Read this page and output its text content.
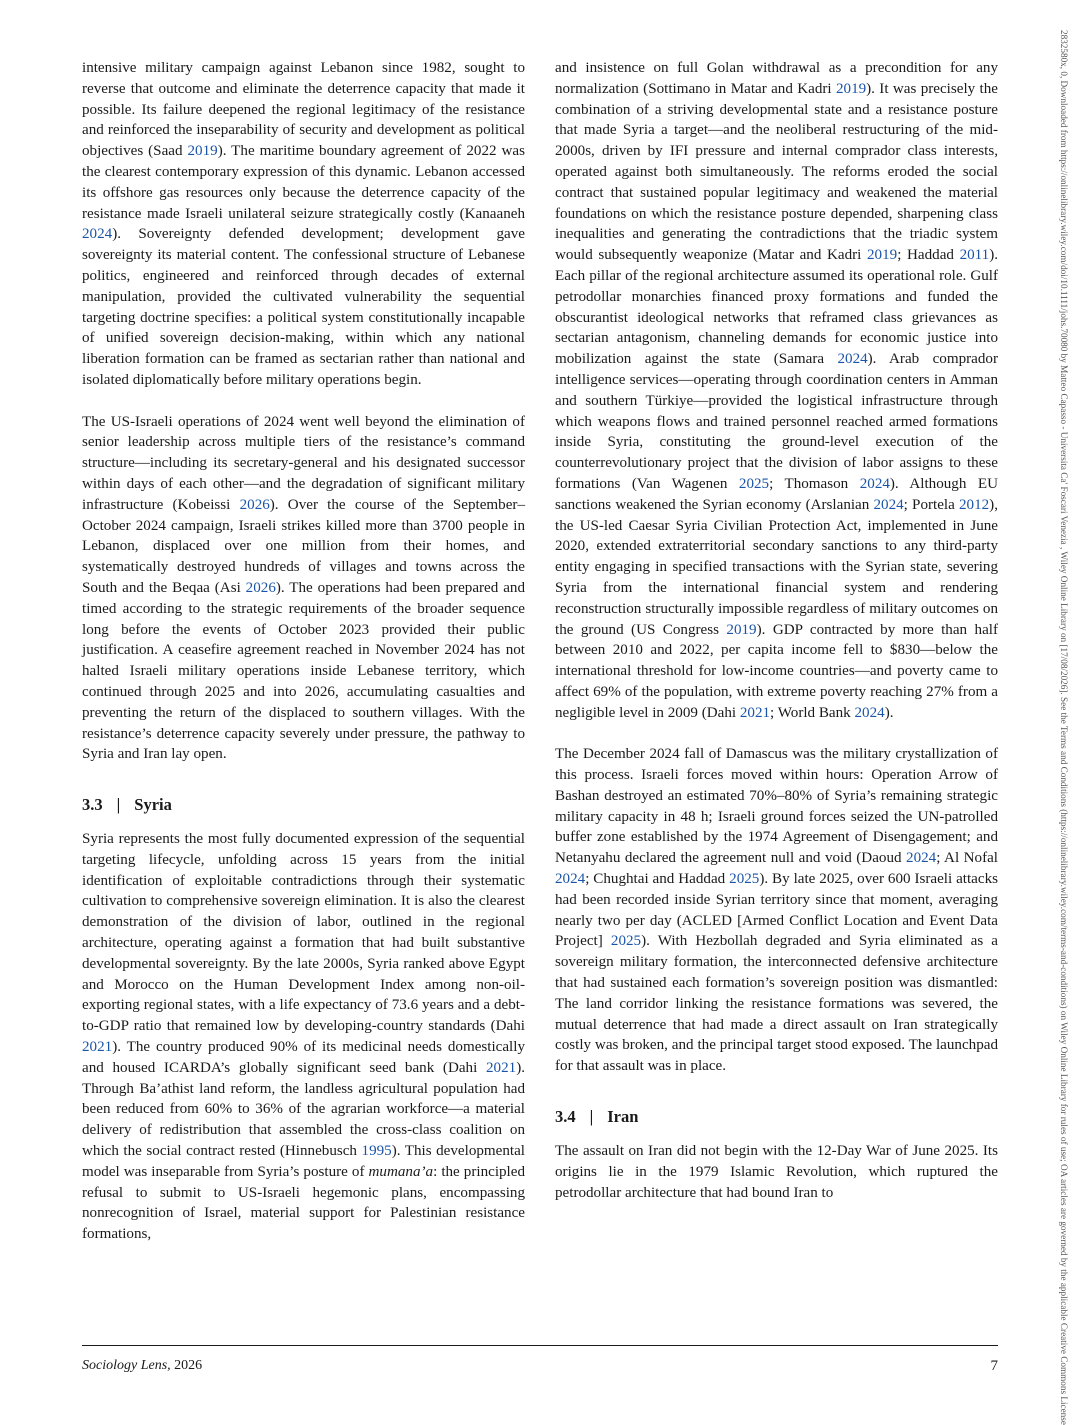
2832580x, 0, Downloaded from https://onlinelibrary.wiley.com/doi/10.1111/johs.70080 by Matteo Capasso - Universita Ca' Foscari Venezia , Wiley Online Library on [17/08/2026]. See the Terms and Conditions (https://onlinelibrary.wiley.com/terms-and-conditions) on Wiley Online Library for rules of use; OA articles are governed by the applicable Creative Commons License

intensive military campaign against Lebanon since 1982, sought to reverse that outcome and eliminate the deterrence capacity that made it possible. Its failure deepened the regional legitimacy of the resistance and reinforced the inseparability of security and development as political objectives (Saad 2019). The maritime boundary agreement of 2022 was the clearest contemporary expression of this dynamic. Lebanon accessed its offshore gas resources only because the deterrence capacity of the resistance made Israeli unilateral seizure strategically costly (Kanaaneh 2024). Sovereignty defended development; development gave sovereignty its material content. The confessional structure of Lebanese politics, engineered and reinforced through decades of external manipulation, provided the cultivated vulnerability the sequential targeting doctrine specifies: a political system constitutionally incapable of unified sovereign decision-making, within which any national liberation formation can be framed as sectarian rather than national and isolated diplomatically before military operations begin.

The US-Israeli operations of 2024 went well beyond the elimination of senior leadership across multiple tiers of the resistance’s command structure—including its secretary-general and his designated successor within days of each other—and the degradation of significant military infrastructure (Kobeissi 2026). Over the course of the September–October 2024 campaign, Israeli strikes killed more than 3700 people in Lebanon, displaced over one million from their homes, and systematically destroyed hundreds of villages and towns across the South and the Beqaa (Asi 2026). The operations had been prepared and timed according to the strategic requirements of the broader sequence long before the events of October 2023 provided their public justification. A ceasefire agreement reached in November 2024 has not halted Israeli military operations inside Lebanese territory, which continued through 2025 and into 2026, accumulating casualties and preventing the return of the displaced to southern villages. With the resistance’s deterrence capacity severely under pressure, the pathway to Syria and Iran lay open.

3.3 | Syria

Syria represents the most fully documented expression of the sequential targeting lifecycle, unfolding across 15 years from the initial identification of exploitable contradictions through their systematic cultivation to comprehensive sovereign elimination. It is also the clearest demonstration of the division of labor, outlined in the regional architecture, operating against a formation that had built substantive developmental sovereignty. By the late 2000s, Syria ranked above Egypt and Morocco on the Human Development Index among non-oil-exporting regional states, with a life expectancy of 73.6 years and a debt-to-GDP ratio that remained low by developing-country standards (Dahi 2021). The country produced 90% of its medicinal needs domestically and housed ICARDA’s globally significant seed bank (Dahi 2021). Through Ba’athist land reform, the landless agricultural population had been reduced from 60% to 36% of the agrarian workforce—a material delivery of redistribution that assembled the cross-class coalition on which the social contract rested (Hinnebusch 1995). This developmental model was inseparable from Syria’s posture of mumana’a: the principled refusal to submit to US-Israeli hegemonic plans, encompassing nonrecognition of Israel, material support for Palestinian resistance formations,

and insistence on full Golan withdrawal as a precondition for any normalization (Sottimano in Matar and Kadri 2019). It was precisely the combination of a striving developmental state and a resistance posture that made Syria a target—and the neoliberal restructuring of the mid-2000s, driven by IFI pressure and internal comprador class interests, operated against both simultaneously. The reforms eroded the social contract that sustained popular legitimacy and weakened the material foundations on which the resistance posture depended, sharpening class inequalities and generating the contradictions that the triadic system would subsequently weaponize (Matar and Kadri 2019; Haddad 2011). Each pillar of the regional architecture assumed its operational role. Gulf petrodollar monarchies financed proxy formations and funded the obscurantist ideological networks that reframed class grievances as sectarian antagonism, channeling demands for economic justice into mobilization against the state (Samara 2024). Arab comprador intelligence services—operating through coordination centers in Amman and southern Türkiye—provided the logistical infrastructure through which weapons flows and trained personnel reached armed formations inside Syria, constituting the ground-level execution of the counterrevolutionary project that the division of labor assigns to these formations (Van Wagenen 2025; Thomason 2024). Although EU sanctions weakened the Syrian economy (Arslanian 2024; Portela 2012), the US-led Caesar Syria Civilian Protection Act, implemented in June 2020, extended extraterritorial secondary sanctions to any third-party entity engaging in specified transactions with the Syrian state, severing Syria from the international financial system and rendering reconstruction structurally impossible regardless of military outcomes on the ground (US Congress 2019). GDP contracted by more than half between 2010 and 2022, per capita income fell to $830—below the international threshold for low-income countries—and poverty came to affect 69% of the population, with extreme poverty reaching 27% from a negligible level in 2009 (Dahi 2021; World Bank 2024).

The December 2024 fall of Damascus was the military crystallization of this process. Israeli forces moved within hours: Operation Arrow of Bashan destroyed an estimated 70%–80% of Syria’s remaining strategic military capacity in 48 h; Israeli ground forces seized the UN-patrolled buffer zone established by the 1974 Agreement of Disengagement; and Netanyahu declared the agreement null and void (Daoud 2024; Al Nofal 2024; Chughtai and Haddad 2025). By late 2025, over 600 Israeli attacks had been recorded inside Syrian territory since that moment, averaging nearly two per day (ACLED [Armed Conflict Location and Event Data Project] 2025). With Hezbollah degraded and Syria eliminated as a sovereign military formation, the interconnected defensive architecture that had sustained each formation’s sovereign position was dismantled: The land corridor linking the resistance formations was severed, the mutual deterrence that had made a direct assault on Iran strategically costly was broken, and the principal target stood exposed. The launchpad for that assault was in place.

3.4 | Iran

The assault on Iran did not begin with the 12-Day War of June 2025. Its origins lie in the 1979 Islamic Revolution, which ruptured the petrodollar architecture that had bound Iran to

Sociology Lens, 2026	7
